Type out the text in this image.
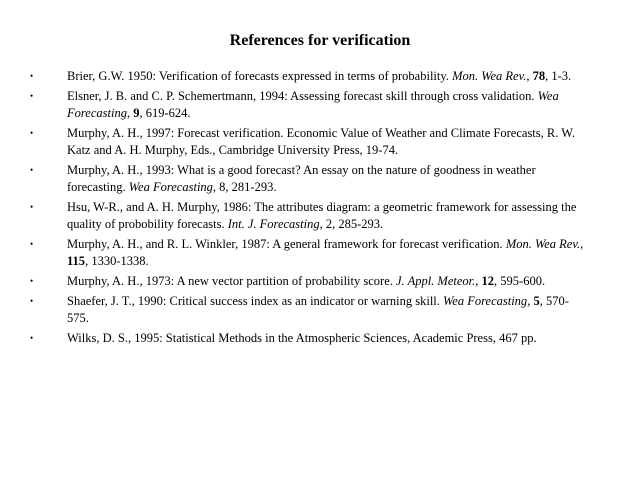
References for verification
•	Brier, G.W. 1950: Verification of forecasts expressed in terms of probability. Mon. Wea Rev., 78, 1-3.
•	Elsner, J. B. and C. P. Schemertmann, 1994: Assessing forecast skill through cross validation. Wea Forecasting, 9, 619-624.
•	Murphy, A. H., 1997: Forecast verification. Economic Value of Weather and Climate Forecasts, R. W. Katz and A. H. Murphy, Eds., Cambridge University Press, 19-74.
•	Murphy, A. H., 1993: What is a good forecast? An essay on the nature of goodness in weather forecasting. Wea Forecasting, 8, 281-293.
•	Hsu, W-R., and A. H. Murphy, 1986: The attributes diagram: a geometric framework for assessing the quality of probobility forecasts. Int. J. Forecasting, 2, 285-293.
•	Murphy, A. H., and R. L. Winkler, 1987: A general framework for forecast verification. Mon. Wea Rev., 115, 1330-1338.
•	Murphy, A. H., 1973: A new vector partition of probability score. J. Appl. Meteor., 12, 595-600.
•	Shaefer, J. T., 1990: Critical success index as an indicator or warning skill. Wea Forecasting, 5, 570-575.
•	Wilks, D. S., 1995: Statistical Methods in the Atmospheric Sciences, Academic Press, 467 pp.
